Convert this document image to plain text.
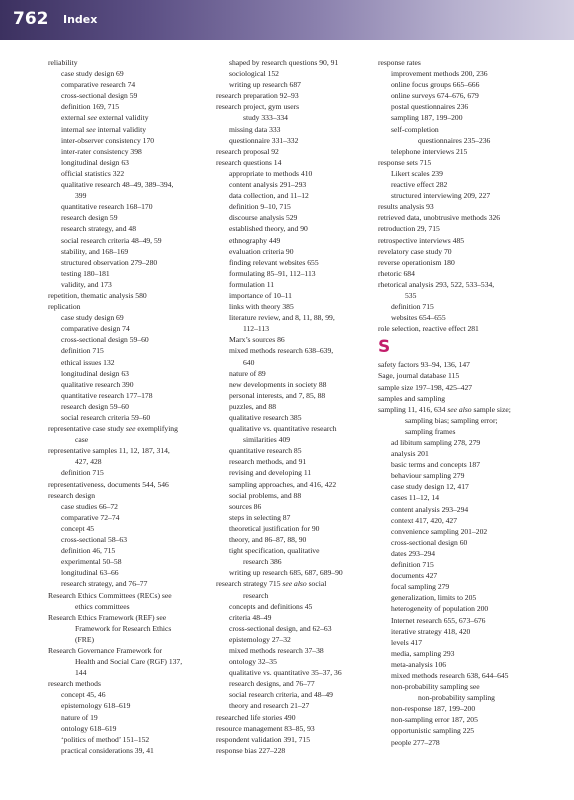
762 Index
reliability
case study design 69
comparative research 74
cross-sectional design 59
definition 169, 715
external see external validity
internal see internal validity
inter-observer consistency 170
inter-rater consistency 398
longitudinal design 63
official statistics 322
qualitative research 48–49, 389–394,
399
quantitative research 168–170
research design 59
research strategy, and 48
social research criteria 48–49, 59
stability, and 168–169
structured observation 279–280
testing 180–181
validity, and 173
repetition, thematic analysis 580
replication
case study design 69
comparative design 74
cross-sectional design 59–60
definition 715
ethical issues 132
longitudinal design 63
qualitative research 390
quantitative research 177–178
research design 59–60
social research criteria 59–60
representative case study see exemplifying
case
representative samples 11, 12, 187, 314,
427, 428
definition 715
representativeness, documents 544, 546
research design
case studies 66–72
comparative 72–74
concept 45
cross-sectional 58–63
definition 46, 715
experimental 50–58
longitudinal 63–66
research strategy, and 76–77
Research Ethics Committees (RECs) see
ethics committees
Research Ethics Framework (REF) see
Framework for Research Ethics
(FRE)
Research Governance Framework for
Health and Social Care (RGF) 137,
144
research methods
concept 45, 46
epistemology 618–619
nature of 19
ontology 618–619
‘politics of method’ 151–152
practical considerations 39, 41
shaped by research questions 90, 91
sociological 152
writing up research 687
research preparation 92–93
research project, gym users
study 333–334
missing data 333
questionnaire 331–332
research proposal 92
research questions 14
appropriate to methods 410
content analysis 291–293
data collection, and 11–12
definition 9–10, 715
discourse analysis 529
established theory, and 90
ethnography 449
evaluation criteria 90
finding relevant websites 655
formulating 85–91, 112–113
formulation 11
importance of 10–11
links with theory 385
literature review, and 8, 11, 88, 99,
112–113
Marx’s sources 86
mixed methods research 638–639,
640
nature of 89
new developments in society 88
personal interests, and 7, 85, 88
puzzles, and 88
qualitative research 385
qualitative vs. quantitative research
similarities 409
quantitative research 85
research methods, and 91
revising and developing 11
sampling approaches, and 416, 422
social problems, and 88
sources 86
steps in selecting 87
theoretical justification for 90
theory, and 86–87, 88, 90
tight specification, qualitative
research 386
writing up research 685, 687, 689–90
research strategy 715 see also social
research
concepts and definitions 45
criteria 48–49
cross-sectional design, and 62–63
epistemology 27–32
mixed methods research 37–38
ontology 32–35
qualitative vs. quantitative 35–37, 36
research designs, and 76–77
social research criteria, and 48–49
theory and research 21–27
researched life stories 490
resource management 83–85, 93
respondent validation 391, 715
response bias 227–228
response rates
improvement methods 200, 236
online focus groups 665–666
online surveys 674–676, 679
postal questionnaires 236
sampling 187, 199–200
self-completion
questionnaires 235–236
telephone interviews 215
response sets 715
Likert scales 239
reactive effect 282
structured interviewing 209, 227
results analysis 93
retrieved data, unobtrusive methods 326
retroduction 29, 715
retrospective interviews 485
revelatory case study 70
reverse operationism 180
rhetoric 684
rhetorical analysis 293, 522, 533–534,
535
definition 715
websites 654–655
role selection, reactive effect 281
S
safety factors 93–94, 136, 147
Sage, journal database 115
sample size 197–198, 425–427
samples and sampling
sampling 11, 416, 634 see also sample size;
sampling bias; sampling error;
sampling frames
ad libitum sampling 278, 279
analysis 201
basic terms and concepts 187
behaviour sampling 279
case study design 12, 417
cases 11–12, 14
content analysis 293–294
context 417, 420, 427
convenience sampling 201–202
cross-sectional design 60
dates 293–294
definition 715
documents 427
focal sampling 279
generalization, limits to 205
heterogeneity of population 200
Internet research 655, 673–676
iterative strategy 418, 420
levels 417
media, sampling 293
meta-analysis 106
mixed methods research 638, 644–645
non-probability sampling see
non-probability sampling
non-response 187, 199–200
non-sampling error 187, 205
opportunistic sampling 225
people 277–278
